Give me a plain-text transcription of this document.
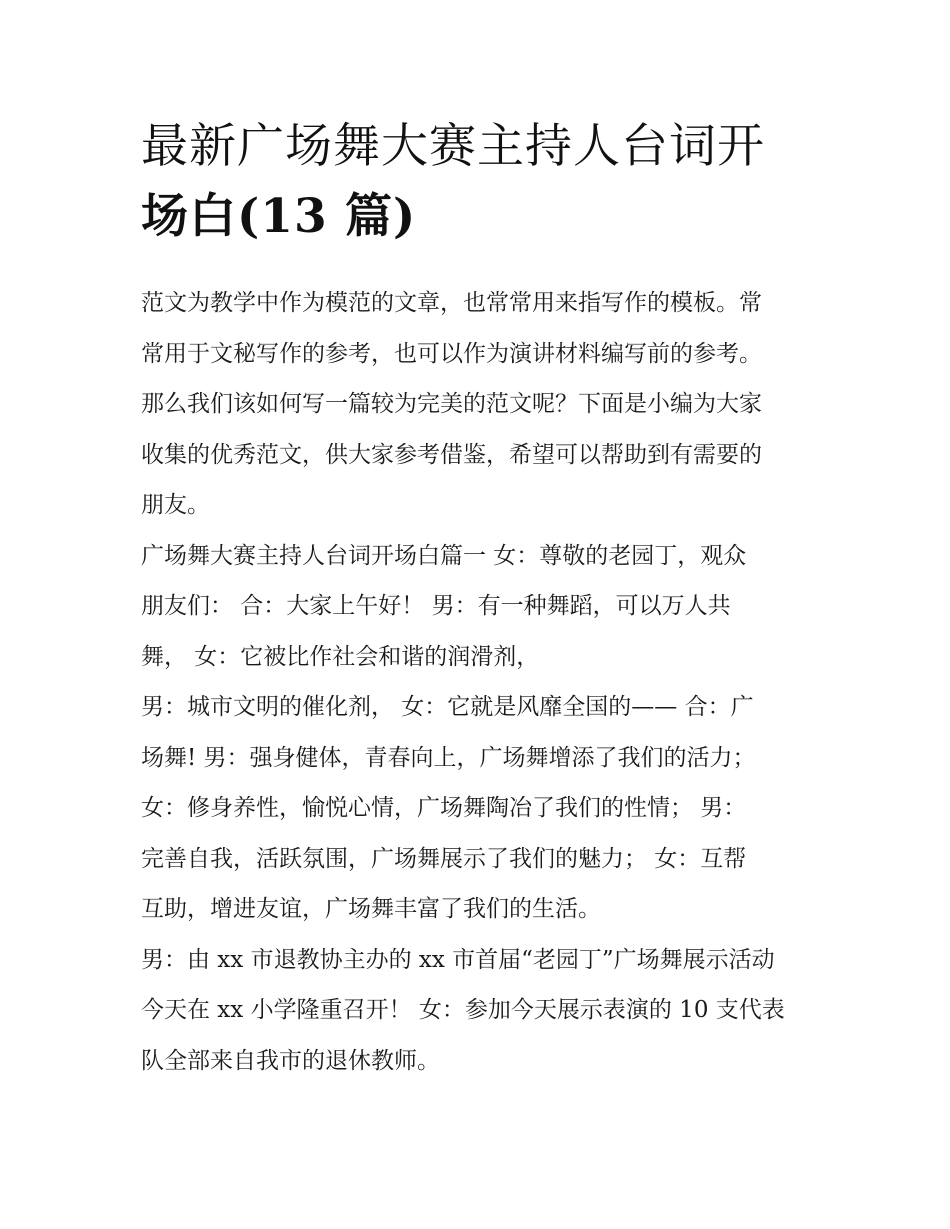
最新广场舞大赛主持人台词开
场白(13 篇)

范文为教学中作为模范的文章，也常常用来指写作的模板。常
常用于文秘写作的参考，也可以作为演讲材料编写前的参考。
那么我们该如何写一篇较为完美的范文呢？下面是小编为大家
收集的优秀范文，供大家参考借鉴，希望可以帮助到有需要的
朋友。

广场舞大赛主持人台词开场白篇一 女：尊敬的老园丁，观众
朋友们： 合：大家上午好！ 男：有一种舞蹈，可以万人共
舞， 女：它被比作社会和谐的润滑剂，

男：城市文明的催化剂， 女：它就是风靡全国的—— 合：广
场舞! 男：强身健体，青春向上，广场舞增添了我们的活力；
女：修身养性，愉悦心情，广场舞陶冶了我们的性情； 男：
完善自我，活跃氛围，广场舞展示了我们的魅力； 女：互帮
互助，增进友谊，广场舞丰富了我们的生活。

男：由 xx 市退教协主办的 xx 市首届“老园丁”广场舞展示活动
今天在 xx 小学隆重召开！ 女：参加今天展示表演的 10 支代表
队全部来自我市的退休教师。
